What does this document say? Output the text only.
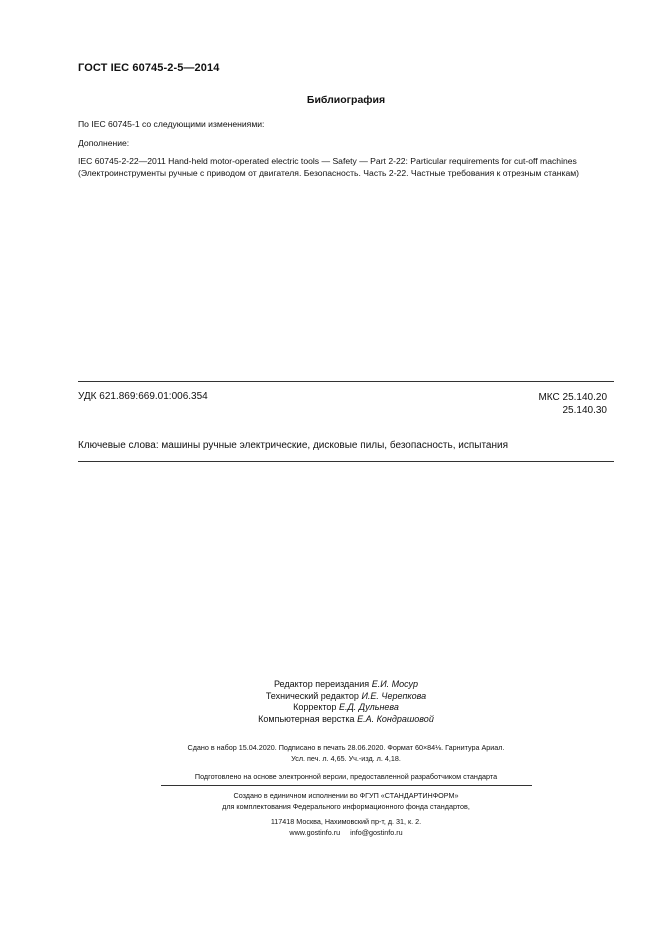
ГОСТ IEC 60745-2-5—2014
Библиография
По IEC 60745-1 со следующими изменениями:
Дополнение:
IEC 60745-2-22—2011 Hand-held motor-operated electric tools — Safety — Part 2-22: Particular requirements for cut-off machines (Электроинструменты ручные с приводом от двигателя. Безопасность. Часть 2-22. Частные требования к отрезным станкам)
УДК 621.869:669.01:006.354	МКС 25.140.20
25.140.30
Ключевые слова: машины ручные электрические, дисковые пилы, безопасность, испытания
Редактор переиздания Е.И. Мосур
Технический редактор И.Е. Черепкова
Корректор Е.Д. Дульнева
Компьютерная верстка Е.А. Кондрашовой
Сдано в набор 15.04.2020. Подписано в печать 28.06.2020. Формат 60×84⅛. Гарнитура Ариал.
Усл. печ. л. 4,65. Уч.-изд. л. 4,18.
Подготовлено на основе электронной версии, предоставленной разработчиком стандарта
Создано в единичном исполнении во ФГУП «СТАНДАРТИНФОРМ»
для комплектования Федерального информационного фонда стандартов,
117418 Москва, Нахимовский пр-т, д. 31, к. 2.
www.gostinfo.ru info@gostinfo.ru
